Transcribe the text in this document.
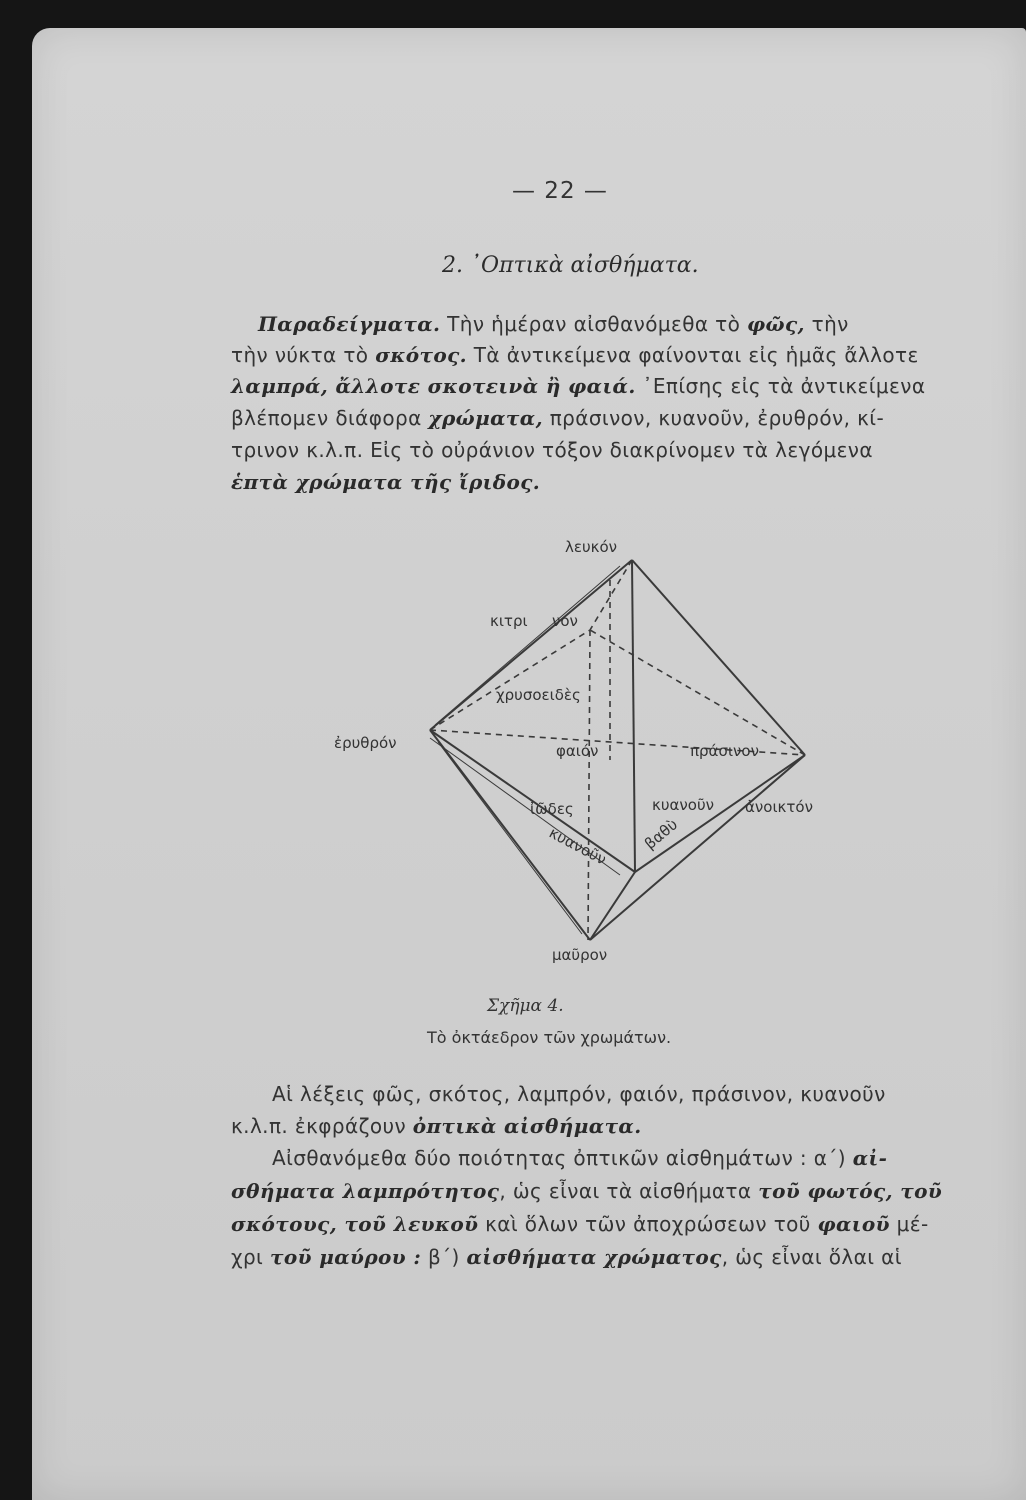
— 22 —
2. ᾿Οπτικὰ αἰσθήματα.
Παραδείγματα. Τὴν ἡμέραν αἰσθανόμεθα τὸ φῶς, τὴν
τὴν νύκτα τὸ σκότος. Τὰ ἀντικείμενα φαίνονται εἰς ἡμᾶς ἄλλοτε
λαμπρά, ἄλλοτε σκοτεινὰ ἢ φαιά. ᾿Επίσης εἰς τὰ ἀντικείμενα
βλέπομεν διάφορα χρώματα, πράσινον, κυανοῦν, ἐρυθρόν, κί-
τρινον κ.λ.π. Εἰς τὸ οὐράνιον τόξον διακρίνομεν τὰ λεγόμενα
ἑπτὰ χρώματα τῆς ἴριδος.
λευκόν
κιτρι νον
χρυσοειδὲς
ἐρυθρόν	φαιόν	πράσινον
ἰῶδες
κυανοῦν
κυανοῦν
βαθὺ
ἀνοικτόν
μαῦρον
Σχῆμα 4.
Τὸ ὀκτάεδρον τῶν χρωμάτων.
Αἱ λέξεις φῶς, σκότος, λαμπρόν, φαιόν, πράσινον, κυανοῦν
κ.λ.π. ἐκφράζουν ὀπτικὰ αἰσθήματα.
Αἰσθανόμεθα δύο ποιότητας ὀπτικῶν αἰσθημάτων : α΄) αἰ-
σθήματα λαμπρότητος, ὡς εἶναι τὰ αἰσθήματα τοῦ φωτός, τοῦ
σκότους, τοῦ λευκοῦ καὶ ὅλων τῶν ἀποχρώσεων τοῦ φαιοῦ μέ-
χρι τοῦ μαύρου : β΄) αἰσθήματα χρώματος, ὡς εἶναι ὅλαι αἱ
